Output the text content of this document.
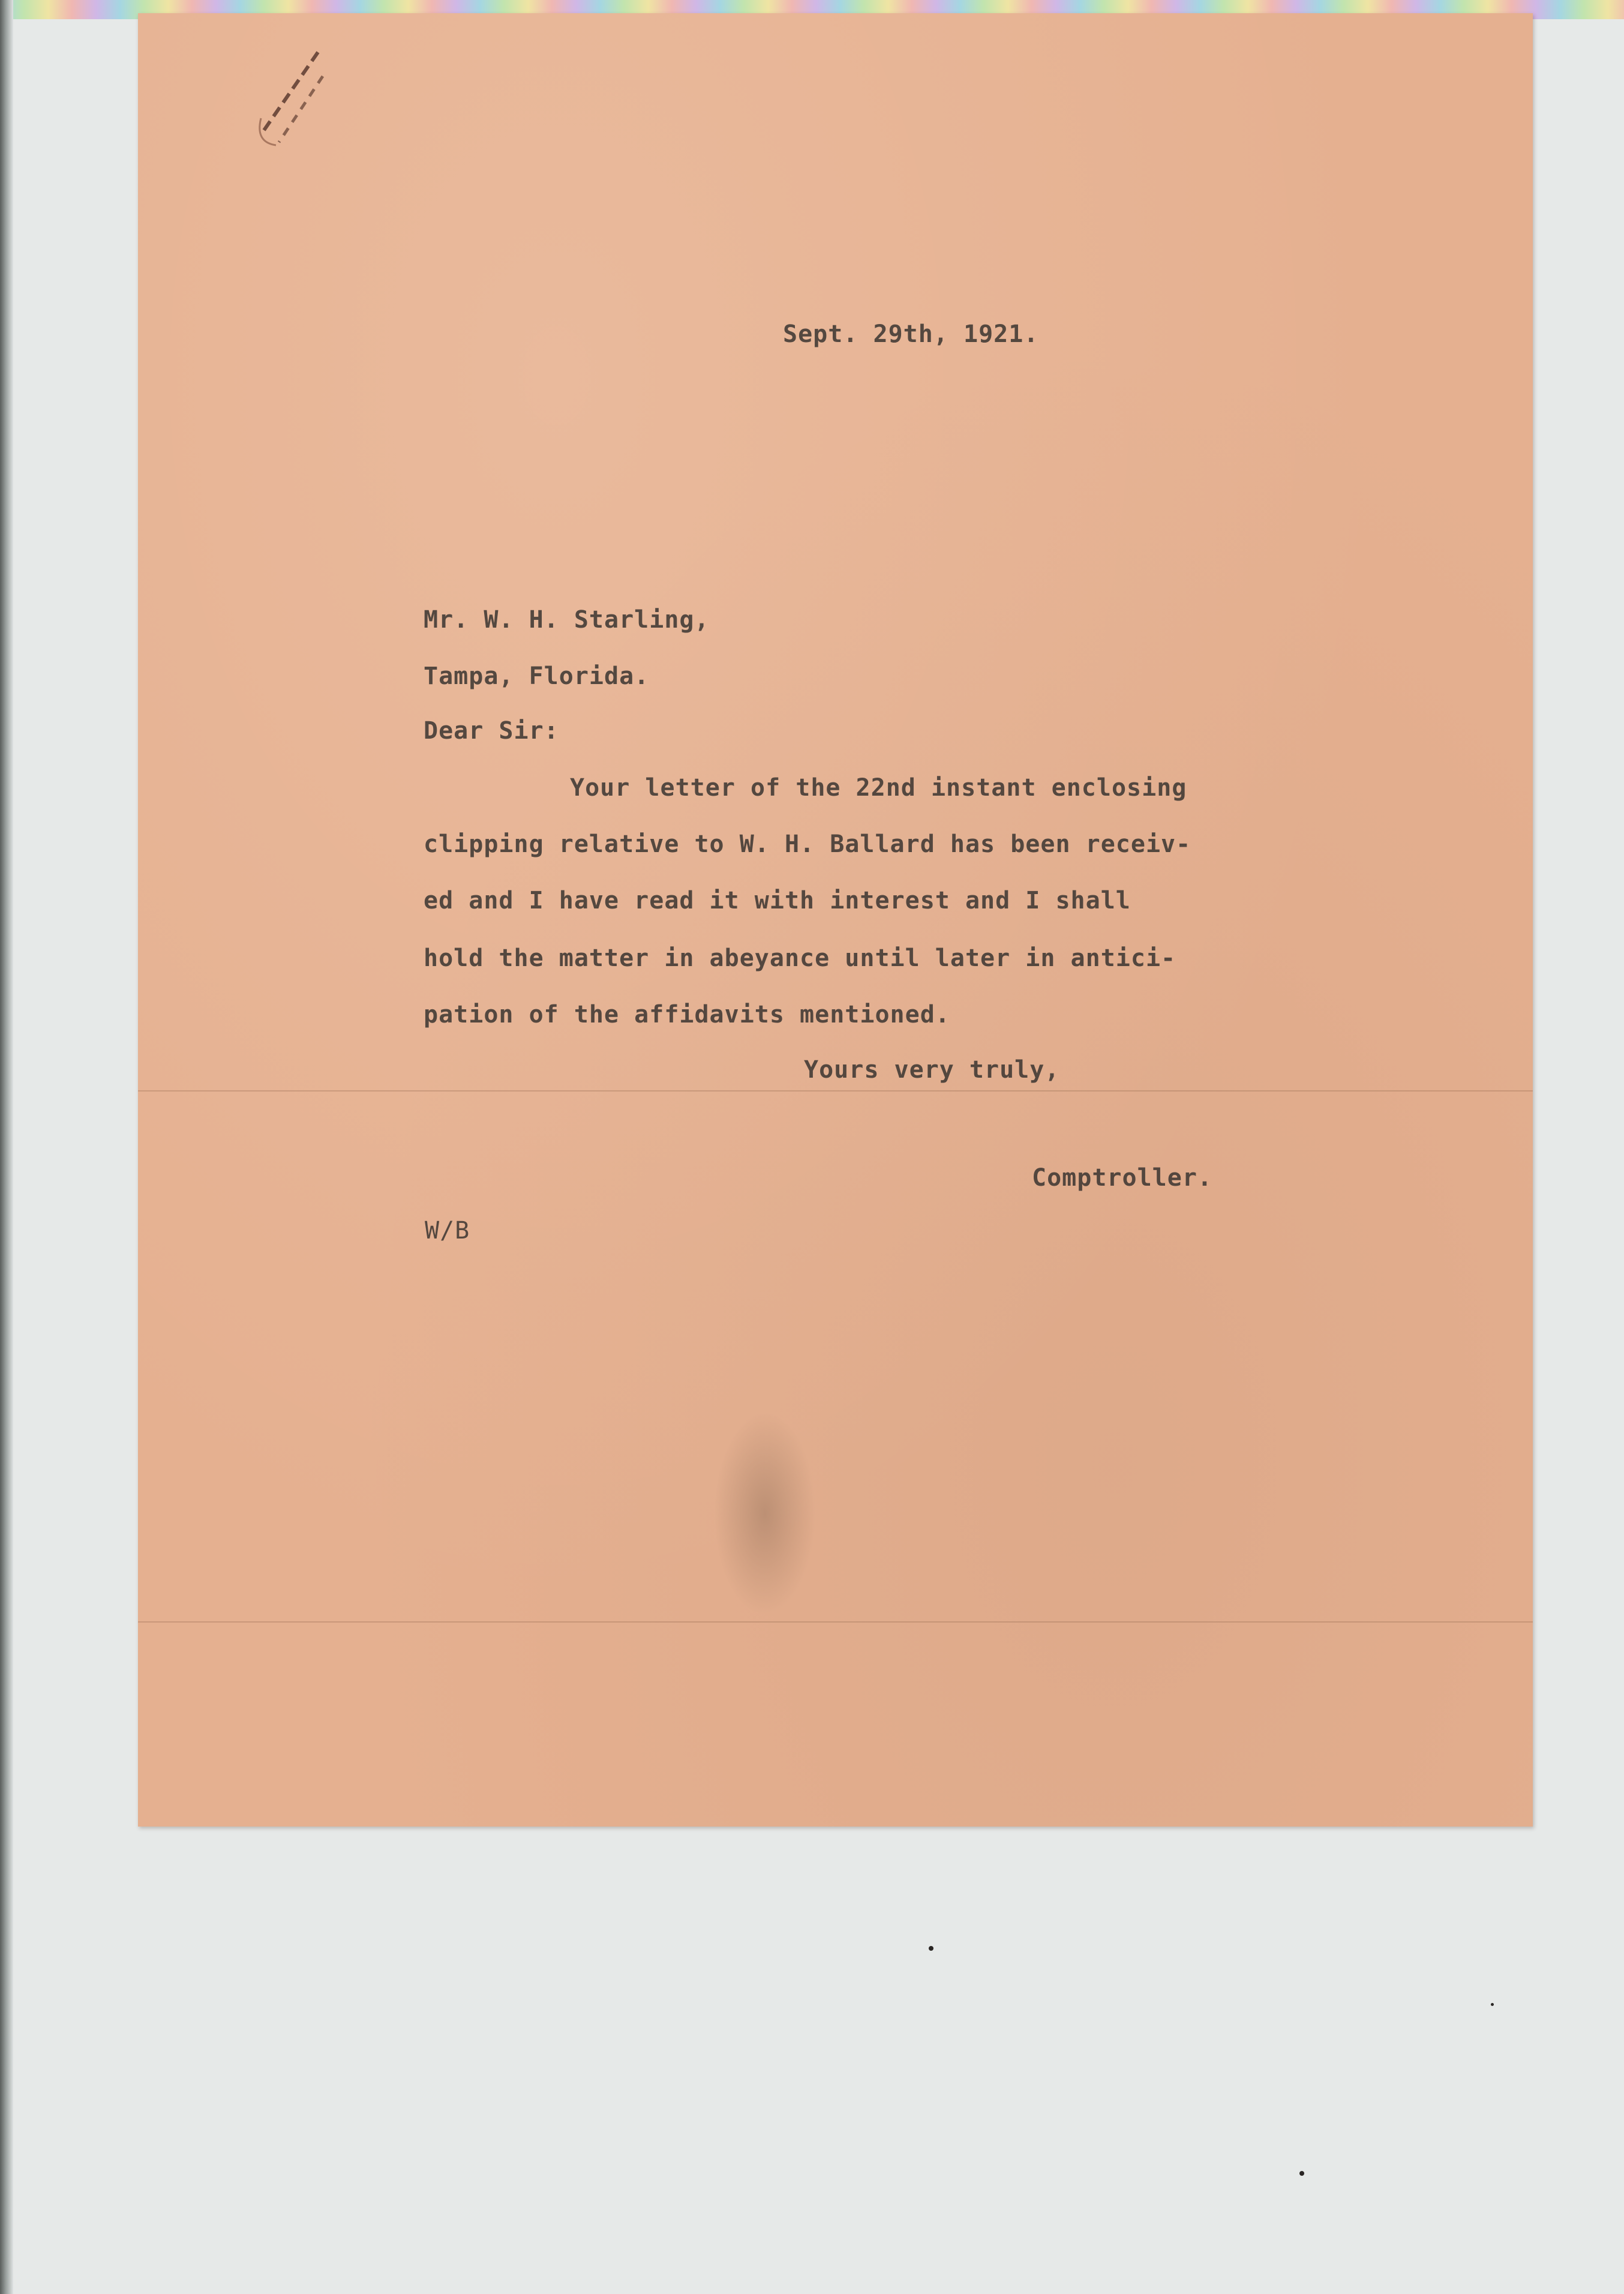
Sept. 29th, 1921.
Mr. W. H. Starling,
Tampa, Florida.
Dear Sir:
Your letter of the 22nd instant enclosing
clipping relative to W. H. Ballard has been receiv-
ed and I have read it with interest and I shall
hold the matter in abeyance until later in antici-
pation of the affidavits mentioned.
Yours very truly,
Comptroller.
W/B
